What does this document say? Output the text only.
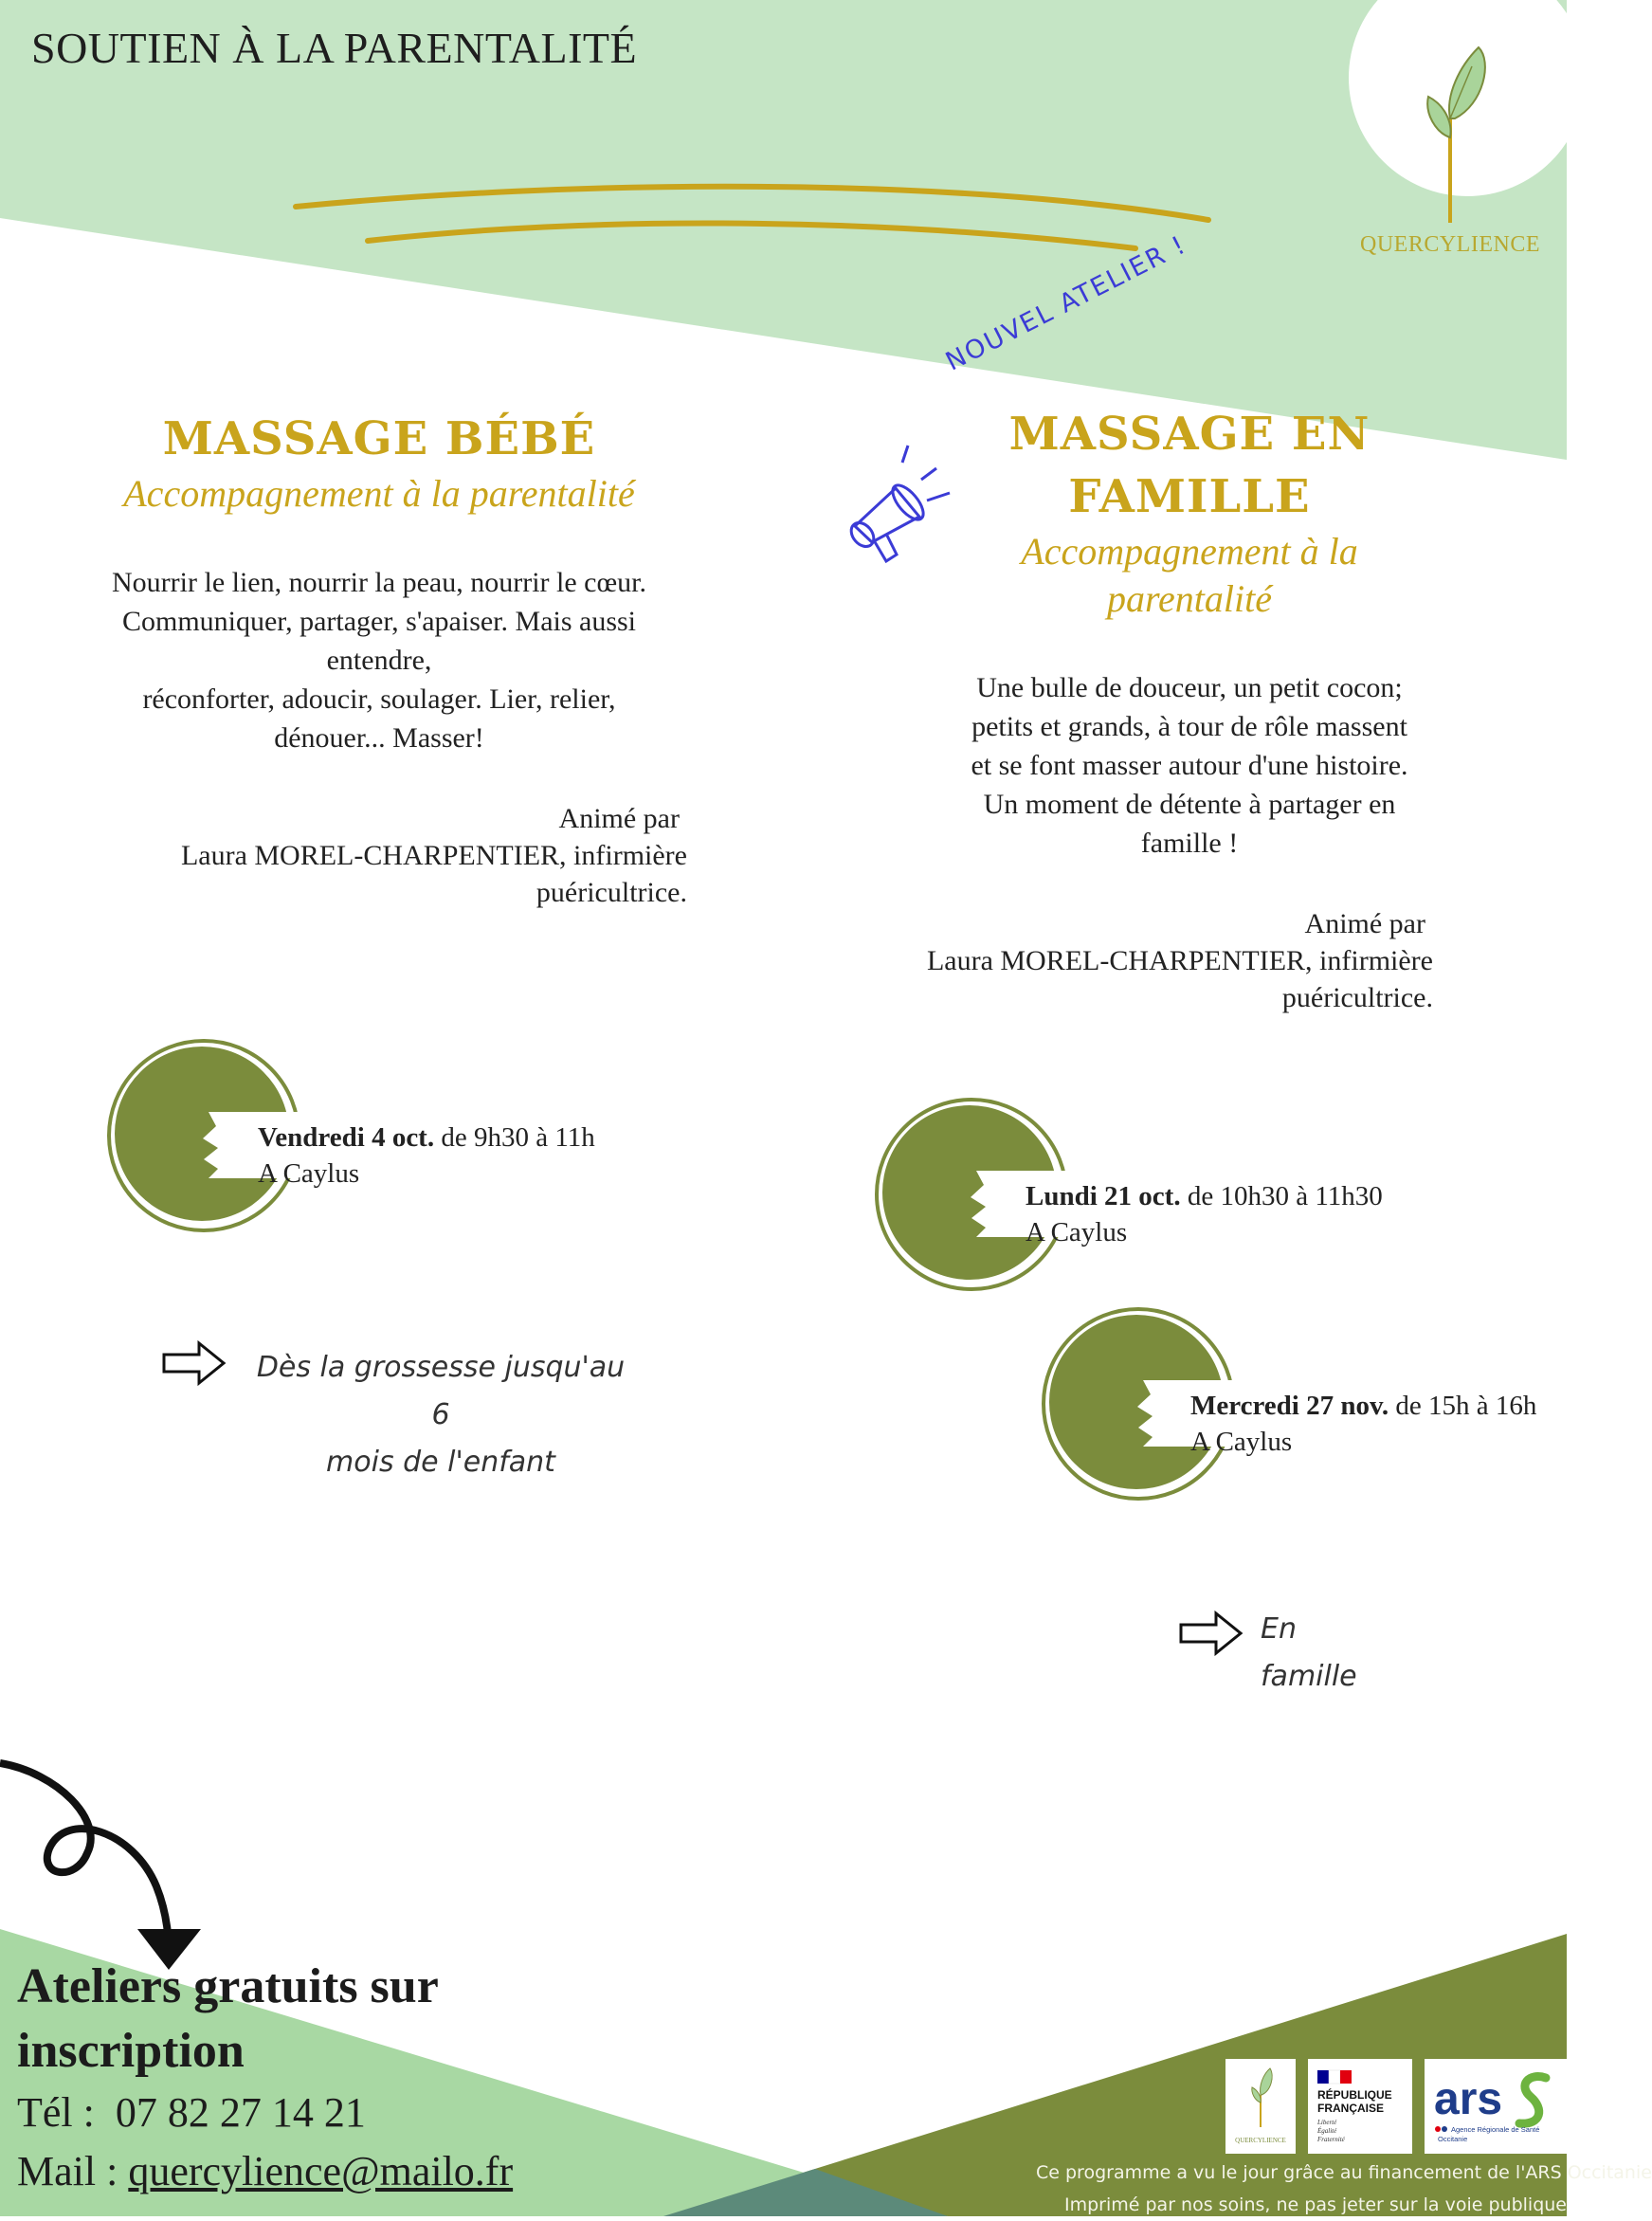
SOUTIEN À LA PARENTALITÉ
QUERCYLIENCE
NOUVEL ATELIER !
MASSAGE BÉBÉ
Accompagnement à la parentalité
Nourrir le lien, nourrir la peau, nourrir le cœur.
Communiquer, partager, s'apaiser. Mais aussi
entendre,
réconforter, adoucir, soulager. Lier, relier,
dénouer... Masser!
Animé par
Laura MOREL-CHARPENTIER, infirmière
puéricultrice.
Vendredi 4 oct. de 9h30 à 11h
A Caylus
Dès la grossesse jusqu'au 6
mois de l'enfant
MASSAGE EN
FAMILLE
Accompagnement à la
parentalité
Une bulle de douceur, un petit cocon;
petits et grands, à tour de rôle massent
et se font masser autour d'une histoire.
Un moment de détente à partager en
famille !
Animé par
Laura MOREL-CHARPENTIER, infirmière
puéricultrice.
Lundi 21 oct. de 10h30 à 11h30
A Caylus
Mercredi 27 nov. de 15h à 16h
A Caylus
En famille
Ateliers gratuits sur
inscription
Tél : 07 82 27 14 21
Mail : quercylience@mailo.fr
QUERCYLIENCE
RÉPUBLIQUE
FRANÇAISE
Liberté
Égalité
Fraternité
ars
Agence Régionale de Santé
Occitanie
Ce programme a vu le jour grâce au financement de l'ARS Occitanie
Imprimé par nos soins, ne pas jeter sur la voie publique
